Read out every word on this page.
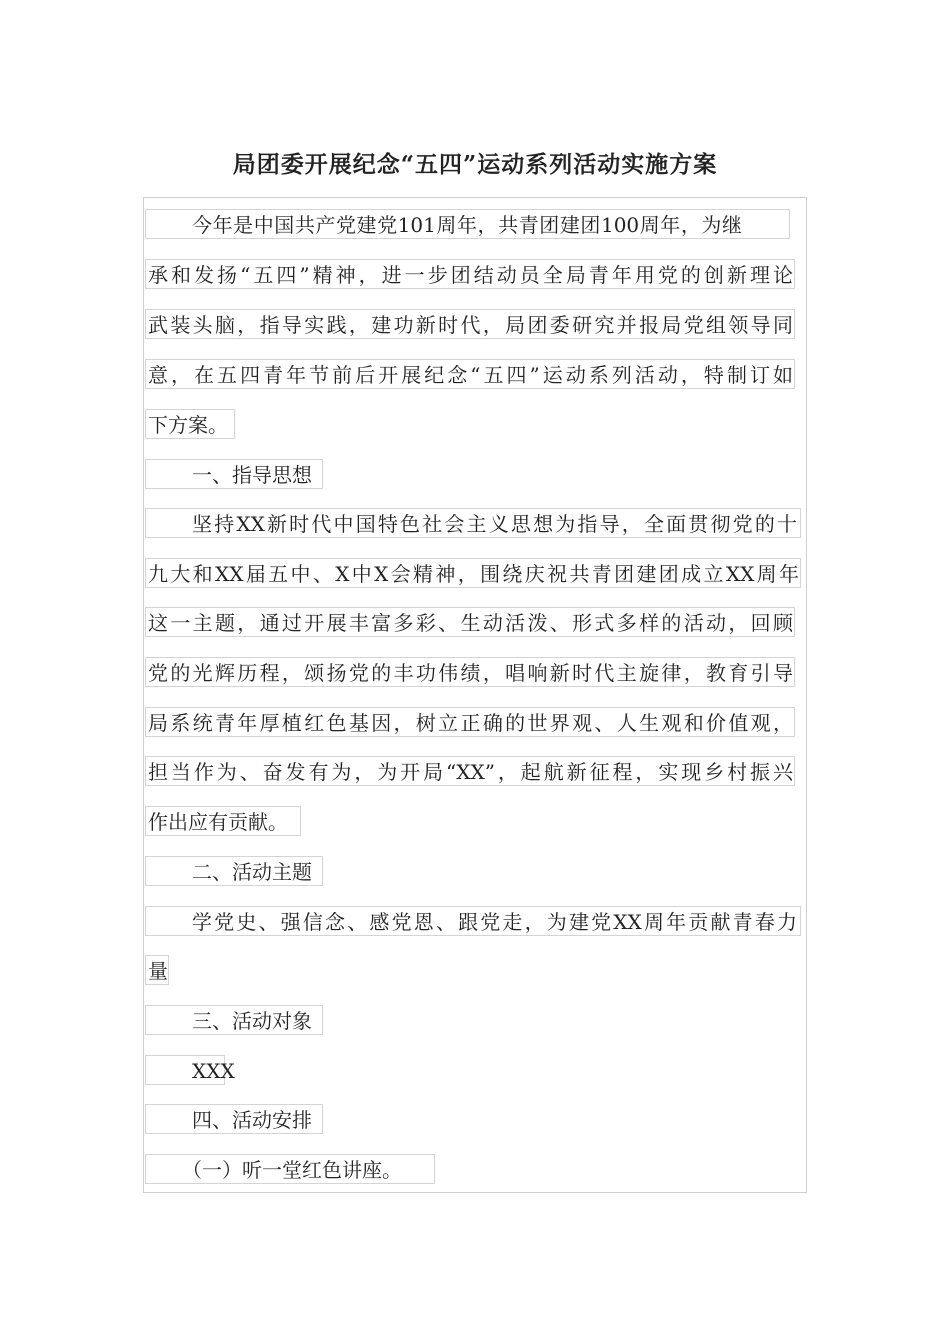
局团委开展纪念“五四”运动系列活动实施方案
今年是中国共产党建党101周年，共青团建团100周年，为继
承和发扬“五四”精神，进一步团结动员全局青年用党的创新理论
武装头脑，指导实践，建功新时代，局团委研究并报局党组领导同
意，在五四青年节前后开展纪念“五四”运动系列活动，特制订如
下方案。
一、指导思想
坚持XX新时代中国特色社会主义思想为指导，全面贯彻党的十
九大和XX届五中、X中X会精神，围绕庆祝共青团建团成立XX周年
这一主题，通过开展丰富多彩、生动活泼、形式多样的活动，回顾
党的光辉历程，颂扬党的丰功伟绩，唱响新时代主旋律，教育引导
局系统青年厚植红色基因，树立正确的世界观、人生观和价值观，
担当作为、奋发有为，为开局“XX”，起航新征程，实现乡村振兴
作出应有贡献。
二、活动主题
学党史、强信念、感党恩、跟党走，为建党XX周年贡献青春力
量
三、活动对象
XXX
四、活动安排
（一）听一堂红色讲座。
